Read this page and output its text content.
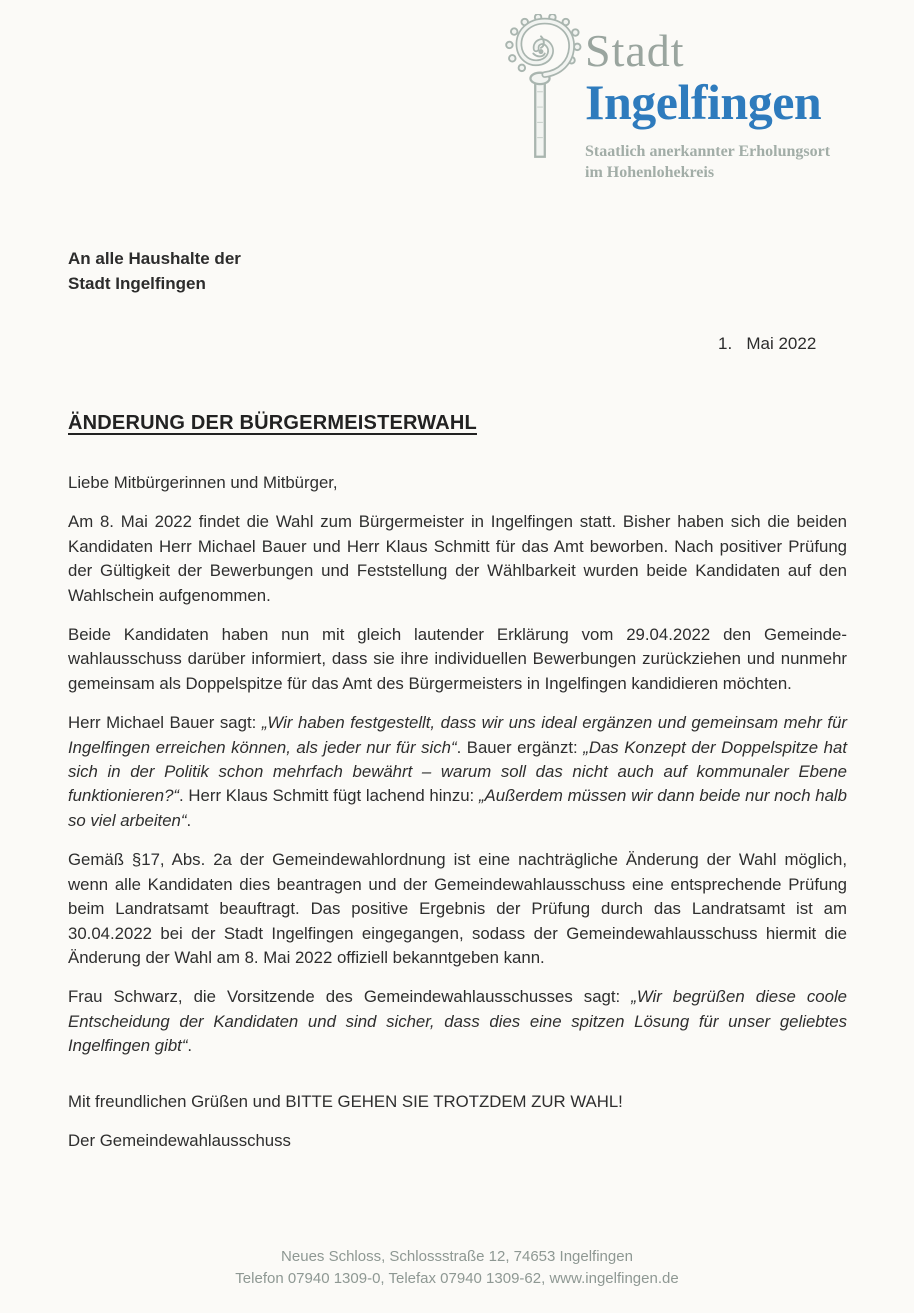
Stadt
Ingelfingen
Staatlich anerkannter Erholungsort
im Hohenlohekreis
An alle Haushalte der
Stadt Ingelfingen
1.   Mai 2022
ÄNDERUNG DER BÜRGERMEISTERWAHL

Liebe Mitbürgerinnen und Mitbürger,

Am 8. Mai 2022 findet die Wahl zum Bürgermeister in Ingelfingen statt. Bisher haben sich die beiden Kandidaten Herr Michael Bauer und Herr Klaus Schmitt für das Amt beworben. Nach positiver Prüfung der Gültigkeit der Bewerbungen und Feststellung der Wählbarkeit wurden beide Kandidaten auf den Wahlschein aufgenommen.

Beide Kandidaten haben nun mit gleich lautender Erklärung vom 29.04.2022 den Gemeindewahlausschuss darüber informiert, dass sie ihre individuellen Bewerbungen zurückziehen und nunmehr gemeinsam als Doppelspitze für das Amt des Bürgermeisters in Ingelfingen kandidieren möchten.

Herr Michael Bauer sagt: „Wir haben festgestellt, dass wir uns ideal ergänzen und gemeinsam mehr für Ingelfingen erreichen können, als jeder nur für sich“. Bauer ergänzt: „Das Konzept der Doppelspitze hat sich in der Politik schon mehrfach bewährt – warum soll das nicht auch auf kommunaler Ebene funktionieren?“. Herr Klaus Schmitt fügt lachend hinzu: „Außerdem müssen wir dann beide nur noch halb so viel arbeiten“.

Gemäß §17, Abs. 2a der Gemeindewahlordnung ist eine nachträgliche Änderung der Wahl möglich, wenn alle Kandidaten dies beantragen und der Gemeindewahlausschuss eine entsprechende Prüfung beim Landratsamt beauftragt. Das positive Ergebnis der Prüfung durch das Landratsamt ist am 30.04.2022 bei der Stadt Ingelfingen eingegangen, sodass der Gemeindewahlausschuss hiermit die Änderung der Wahl am 8. Mai 2022 offiziell bekanntgeben kann.

Frau Schwarz, die Vorsitzende des Gemeindewahlausschusses sagt: „Wir begrüßen diese coole Entscheidung der Kandidaten und sind sicher, dass dies eine spitzen Lösung für unser geliebtes Ingelfingen gibt“.

Mit freundlichen Grüßen und BITTE GEHEN SIE TROTZDEM ZUR WAHL!

Der Gemeindewahlausschuss

Neues Schloss, Schlossstraße 12, 74653 Ingelfingen
Telefon 07940 1309-0, Telefax 07940 1309-62, www.ingelfingen.de
